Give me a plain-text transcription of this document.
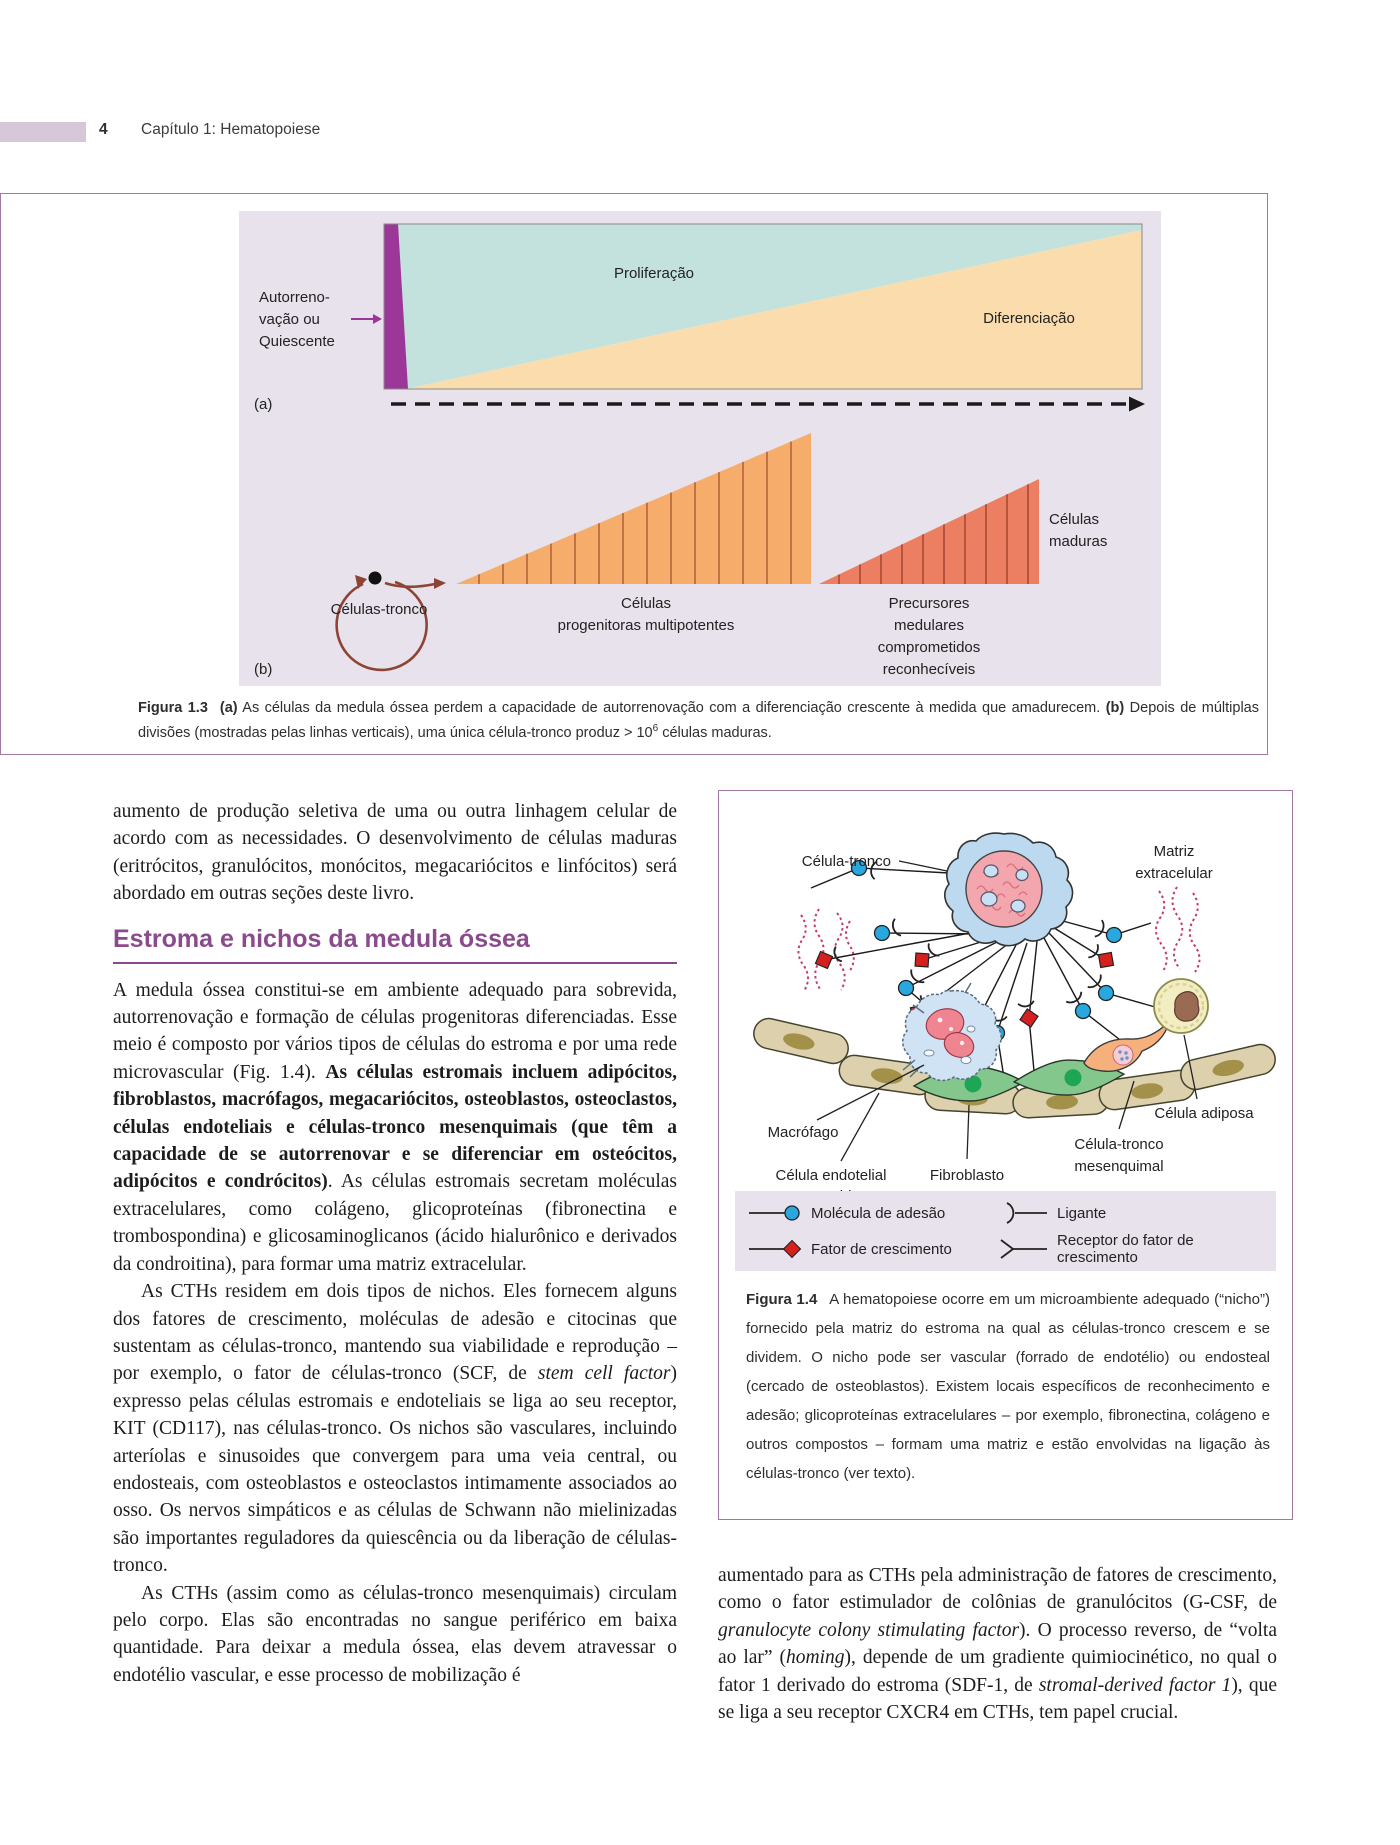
4 Capítulo 1: Hematopoiese
Proliferação
Diferenciação
Autorreno-
vação ou
Quiescente
(a)
Células-tronco	Células
progenitoras multipotentes
Precursores
medulares
comprometidos
reconhecíveis
Células
maduras
(b)
Figura 1.3 (a) As células da medula óssea perdem a capacidade de autorrenovação com a diferenciação crescente à medida que amadurecem. (b) Depois de múltiplas divisões (mostradas pelas linhas verticais), uma única célula-tronco produz > $10^6$ células maduras.

aumento de produção seletiva de uma ou outra linhagem celular de acordo com as necessidades. O desenvolvimento de células maduras (eritrócitos, granulócitos, monócitos, megacariócitos e linfócitos) será abordado em outras seções deste livro.

Estroma e nichos da medula óssea

A medula óssea constitui-se em ambiente adequado para sobrevida, autorrenovação e formação de células progenitoras diferenciadas. Esse meio é composto por vários tipos de células do estroma e por uma rede microvascular (Fig. 1.4). As células estromais incluem adipócitos, fibroblastos, macrófagos, megacariócitos, osteoblastos, osteoclastos, células endoteliais e células-tronco mesenquimais (que têm a capacidade de se autorrenovar e se diferenciar em osteócitos, adipócitos e condrócitos). As células estromais secretam moléculas extracelulares, como colágeno, glicoproteínas (fibronectina e trombospondina) e glicosaminoglicanos (ácido hialurônico e derivados da condroitina), para formar uma matriz extracelular.

As CTHs residem em dois tipos de nichos. Eles fornecem alguns dos fatores de crescimento, moléculas de adesão e citocinas que sustentam as células-tronco, mantendo sua viabilidade e reprodução – por exemplo, o fator de células-tronco (SCF, de stem cell factor) expresso pelas células estromais e endoteliais se liga ao seu receptor, KIT (CD117), nas células-tronco. Os nichos são vasculares, incluindo arteríolas e sinusoides que convergem para uma veia central, ou endosteais, com osteoblastos e osteoclastos intimamente associados ao osso. Os nervos simpáticos e as células de Schwann não mielinizadas são importantes reguladores da quiescência ou da liberação de células-tronco.

As CTHs (assim como as células-tronco mesenquimais) circulam pelo corpo. Elas são encontradas no sangue periférico em baixa quantidade. Para deixar a medula óssea, elas devem atravessar o endotélio vascular, e esse processo de mobilização é

Célula-tronco
Matriz
extracelular
Macrófago
Célula endotelial	Fibroblasto
Célula-tronco
mesenquimal
Célula adiposa
Molécula de adesão	Ligante
Fator de crescimento	Receptor do fator de crescimento
Figura 1.4 A hematopoiese ocorre em um microambiente adequado (“nicho”) fornecido pela matriz do estroma na qual as células-tronco crescem e se dividem. O nicho pode ser vascular (forrado de endotélio) ou endosteal (cercado de osteoblastos). Existem locais específicos de reconhecimento e adesão; glicoproteínas extracelulares – por exemplo, fibronectina, colágeno e outros compostos – formam uma matriz e estão envolvidas na ligação às células-tronco (ver texto).

aumentado para as CTHs pela administração de fatores de crescimento, como o fator estimulador de colônias de granulócitos (G-CSF, de granulocyte colony stimulating factor). O processo reverso, de “volta ao lar” (homing), depende de um gradiente quimiocinético, no qual o fator 1 derivado do estroma (SDF-1, de stromal-derived factor 1), que se liga a seu receptor CXCR4 em CTHs, tem papel crucial.
